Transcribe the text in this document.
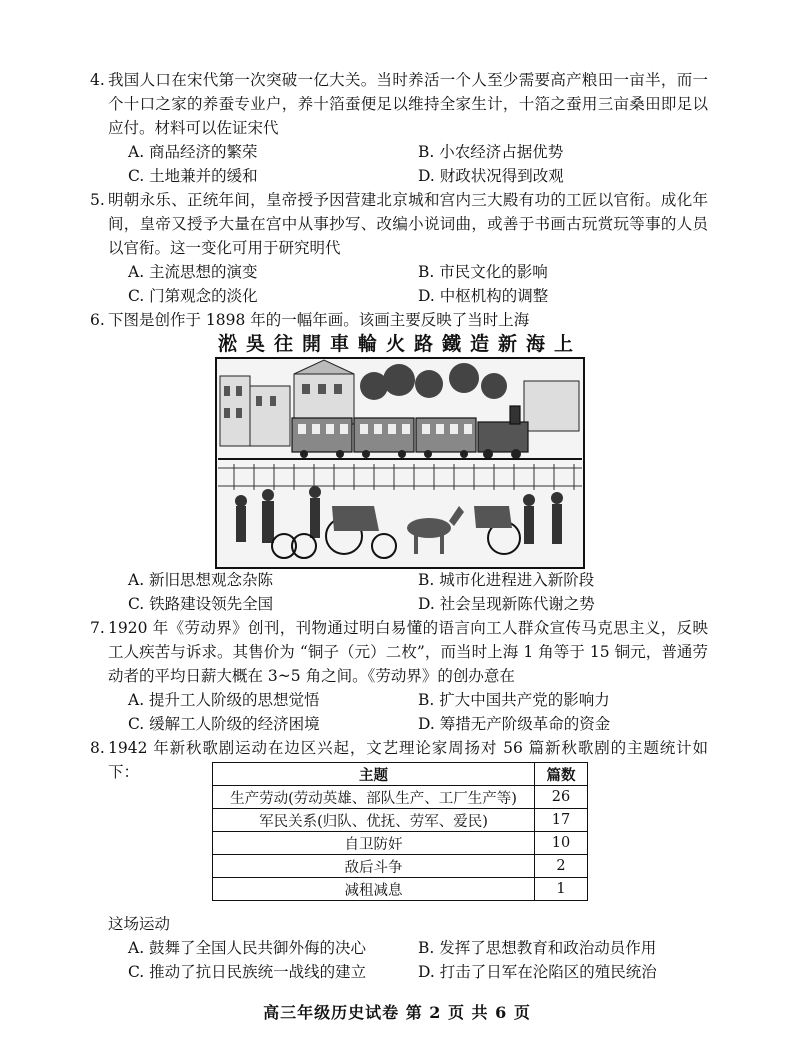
4. 我国人口在宋代第一次突破一亿大关。当时养活一个人至少需要高产粮田一亩半，而一个十口之家的养蚕专业户，养十箔蚕便足以维持全家生计，十箔之蚕用三亩桑田即足以应付。材料可以佐证宋代
A. 商品经济的繁荣	B. 小农经济占据优势
C. 土地兼并的缓和	D. 财政状况得到改观
5. 明朝永乐、正统年间，皇帝授予因营建北京城和宫内三大殿有功的工匠以官衔。成化年间，皇帝又授予大量在宫中从事抄写、改编小说词曲，或善于书画古玩赏玩等事的人员以官衔。这一变化可用于研究明代
A. 主流思想的演变	B. 市民文化的影响
C. 门第观念的淡化	D. 中枢机构的调整
6. 下图是创作于 1898 年的一幅年画。该画主要反映了当时上海
上海新造鐵路火輪車開往吳淞
A. 新旧思想观念杂陈	B. 城市化进程进入新阶段
C. 铁路建设领先全国	D. 社会呈现新陈代谢之势
7. 1920 年《劳动界》创刊，刊物通过明白易懂的语言向工人群众宣传马克思主义，反映工人疾苦与诉求。其售价为 “铜子（元）二枚”，而当时上海 1 角等于 15 铜元，普通劳动者的平均日薪大概在 3~5 角之间。《劳动界》的创办意在
A. 提升工人阶级的思想觉悟	B. 扩大中国共产党的影响力
C. 缓解工人阶级的经济困境	D. 筹措无产阶级革命的资金
8. 1942 年新秋歌剧运动在边区兴起，文艺理论家周扬对 56 篇新秋歌剧的主题统计如下：	主题	篇数
生产劳动(劳动英雄、部队生产、工厂生产等)	26
军民关系(归队、优抚、劳军、爱民)	17
自卫防奸	10
敌后斗争	2
减租减息	1
这场运动
A. 鼓舞了全国人民共御外侮的决心	B. 发挥了思想教育和政治动员作用
C. 推动了抗日民族统一战线的建立	D. 打击了日军在沦陷区的殖民统治
高三年级历史试卷 第 2 页 共 6 页
